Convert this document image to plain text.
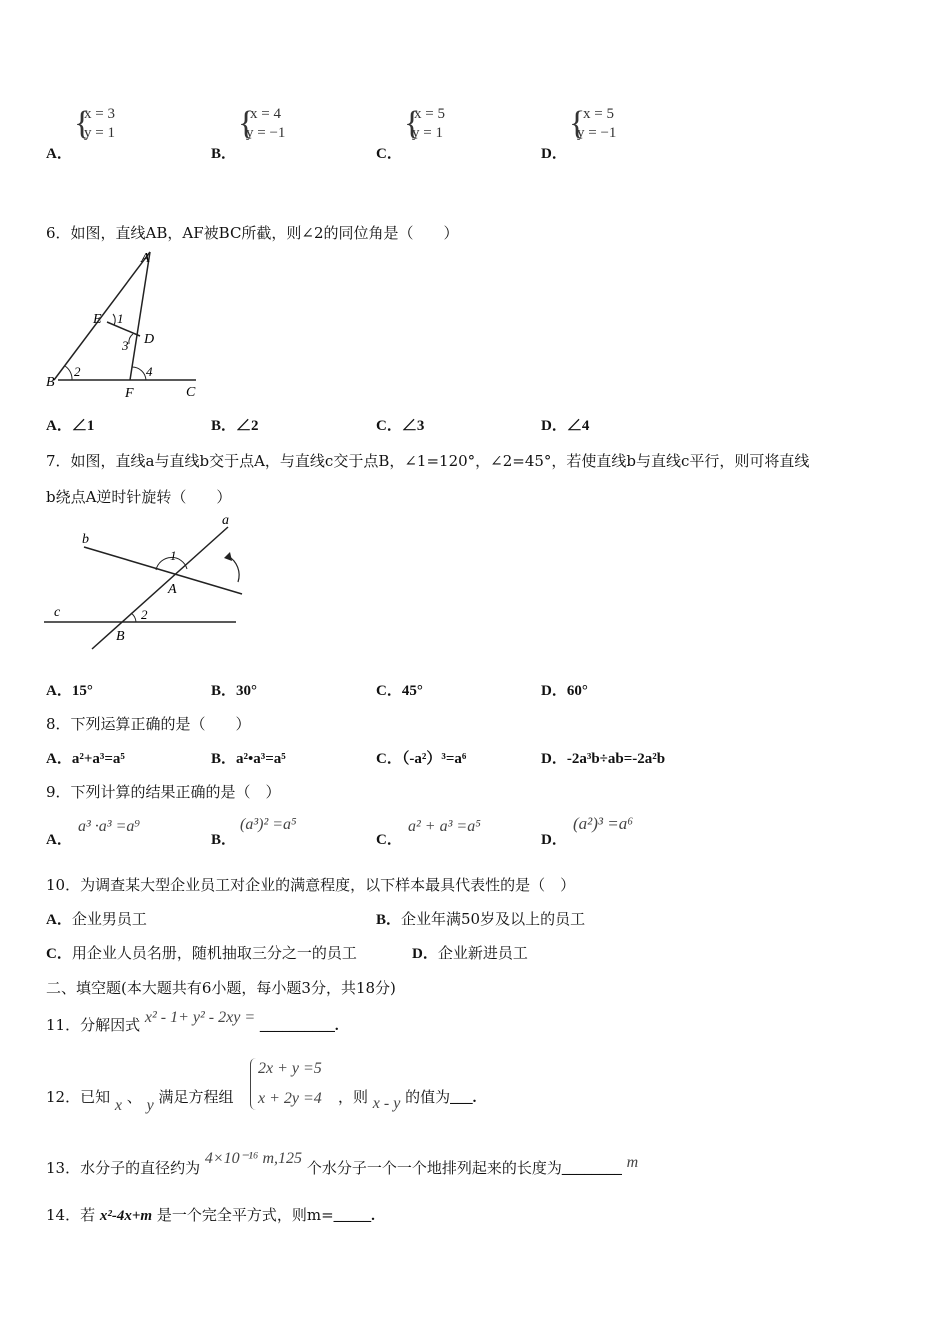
A．
{
x = 3
y = 1
B．
{
x = 4
y = −1
C．
{
x = 5
y = 1
D．
{
x = 5
y = −1
6．如图，直线AB，AF被BC所截，则∠2的同位角是（　　）
A
E
D
B
F	C
1
2
3
4
A．∠1	B．∠2	C．∠3	D．∠4
7．如图，直线a与直线b交于点A，与直线c交于点B，∠1=120°，∠2=45°，若使直线b与直线c平行，则可将直线
b绕点A逆时针旋转（　　）
a
b
c
A
B
1
2
A．15°	B．30°	C．45°	D．60°
8．下列运算正确的是（　　）
A．a²+a³=a⁵	B．a²•a³=a⁵	C．（-a²）³=a⁶	D．-2a³b÷ab=-2a²b
9．下列计算的结果正确的是（　）
A．
a³ ·a³ =a⁹
B．
(a³)² =a⁵
C．
a² + a³ =a⁵
D．
(a²)³ =a⁶
10．为调查某大型企业员工对企业的满意程度，以下样本最具代表性的是（　）
A．企业男员工	B．企业年满50岁及以上的员工
C．用企业人员名册，随机抽取三分之一的员工	D．企业新进员工
二、填空题(本大题共有6小题，每小题3分，共18分)
11．分解因式 x² - 1+ y² - 2xy = __________.
12．已知 x 、 y 满足方程组
2x + y =5
x + 2y =4 ，则 x - y 的值为___.
13．水分子的直径约为 4×10⁻¹⁶ m,125 个水分子一个一个地排列起来的长度为________ m
14．若 x²-4x+m 是一个完全平方式，则m=_____.
